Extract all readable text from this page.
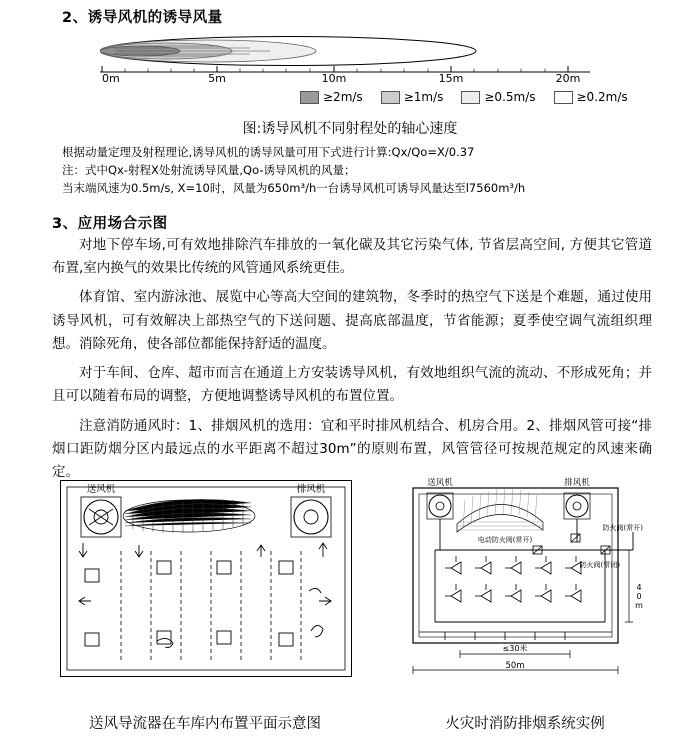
2、诱导风机的诱导风量
0m	5m	10m	15m	20m
≥2m/s	≥1m/s	≥0.5m/s	≥0.2m/s
图:诱导风机不同射程处的轴心速度
根据动量定理及射程理论,诱导风机的诱导风量可用下式进行计算:Qx/Qo=X/0.37
注：式中Qx-射程X处射流诱导风量,Qo-诱导风机的风量；
当末端风速为0.5m/s, X=10时，风量为650m³/h一台诱导风机可诱导风量达至l7560m³/h
3、应用场合示图

对地下停车场,可有效地排除汽车排放的一氧化碳及其它污染气体, 节省层高空间, 方便其它管道布置,室内换气的效果比传统的风管通风系统更佳。

体育馆、室内游泳池、展览中心等高大空间的建筑物，冬季时的热空气下送是个难题，通过使用诱导风机，可有效解决上部热空气的下送问题、提高底部温度，节省能源；夏季使空调气流组织理想。消除死角，使各部位都能保持舒适的温度。

对于车间、仓库、超市而言在通道上方安装诱导风机，有效地组织气流的流动、不形成死角；并且可以随着布局的调整，方便地调整诱导风机的布置位置。

注意消防通风时：1、排烟风机的选用：宜和平时排风机结合、机房合用。2、排烟风管可接“排烟口距防烟分区内最远点的水平距离不超过30m”的原则布置，风管管径可按规范规定的风速来确定。

送风机	排风机
送风机	排风机
电动防火阀(常开)
防火阀(常开)
防火阀(常闭)
≤30米
50m
4
0
m
送风导流器在车库内布置平面示意图	火灾时消防排烟系统实例
